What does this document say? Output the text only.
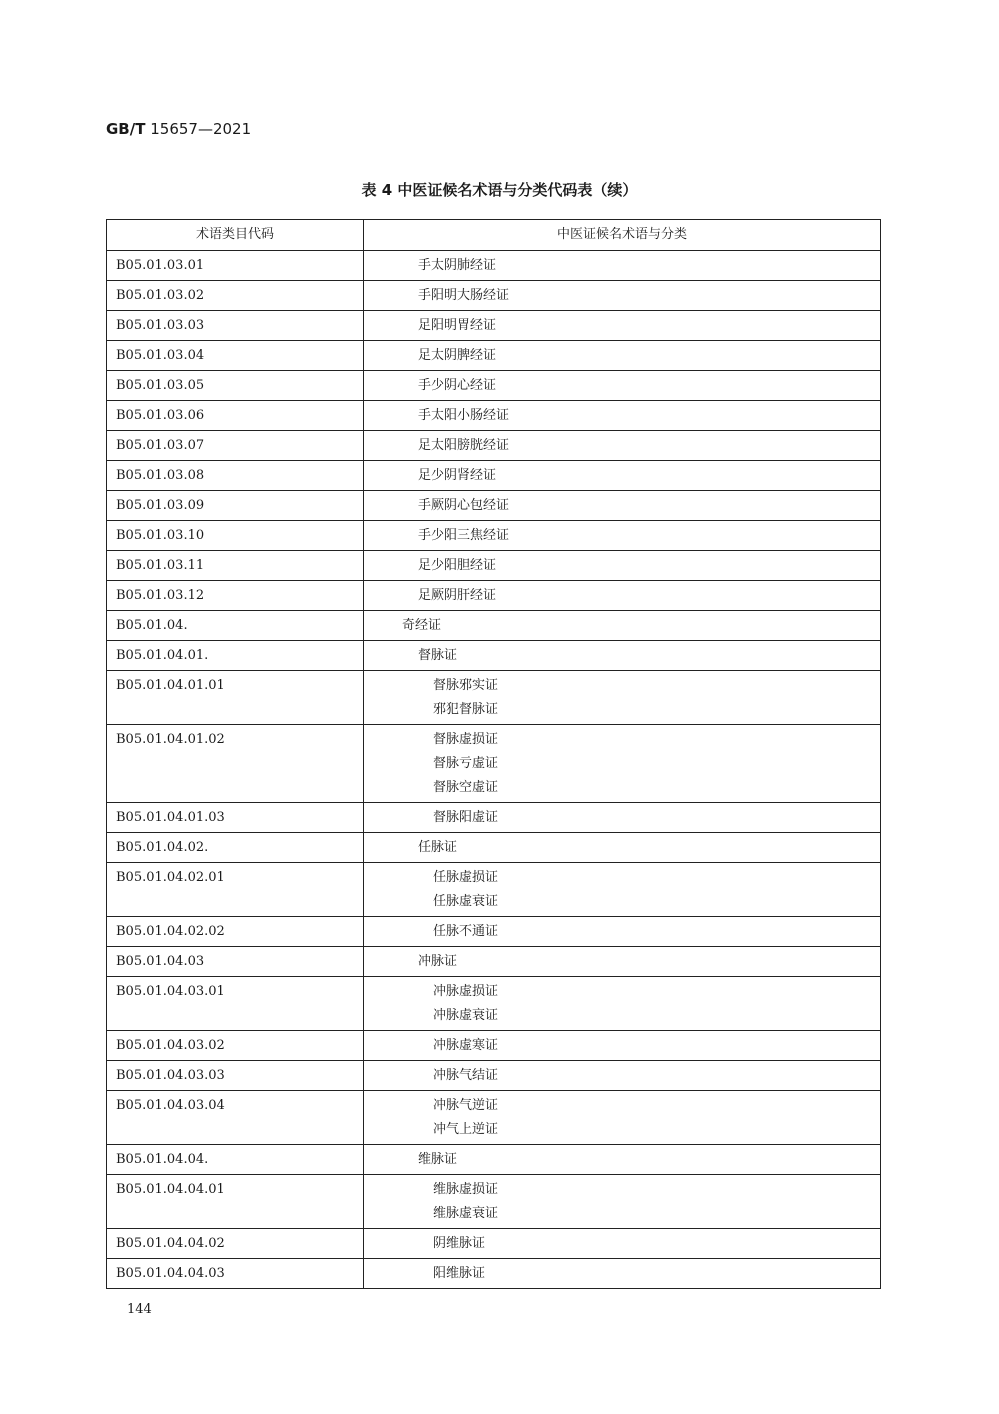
GB/T 15657—2021
表 4 中医证候名术语与分类代码表（续）
术语类目代码	中医证候名术语与分类
B05.01.03.01	手太阴肺经证

B05.01.03.02	手阳明大肠经证

B05.01.03.03	足阳明胃经证

B05.01.03.04	足太阴脾经证

B05.01.03.05	手少阴心经证

B05.01.03.06	手太阳小肠经证

B05.01.03.07	足太阳膀胱经证

B05.01.03.08	足少阴肾经证

B05.01.03.09	手厥阴心包经证

B05.01.03.10	手少阳三焦经证

B05.01.03.11	足少阳胆经证

B05.01.03.12	足厥阴肝经证

B05.01.04.	奇经证

B05.01.04.01.	督脉证

B05.01.04.01.01	督脉邪实证
邪犯督脉证

B05.01.04.01.02	督脉虚损证
督脉亏虚证
督脉空虚证

B05.01.04.01.03	督脉阳虚证

B05.01.04.02.	任脉证

B05.01.04.02.01	任脉虚损证
任脉虚衰证

B05.01.04.02.02	任脉不通证

B05.01.04.03	冲脉证

B05.01.04.03.01	冲脉虚损证
冲脉虚衰证

B05.01.04.03.02	冲脉虚寒证

B05.01.04.03.03	冲脉气结证

B05.01.04.03.04	冲脉气逆证
冲气上逆证

B05.01.04.04.	维脉证

B05.01.04.04.01	维脉虚损证
维脉虚衰证

B05.01.04.04.02	阴维脉证

B05.01.04.04.03	阳维脉证
144
